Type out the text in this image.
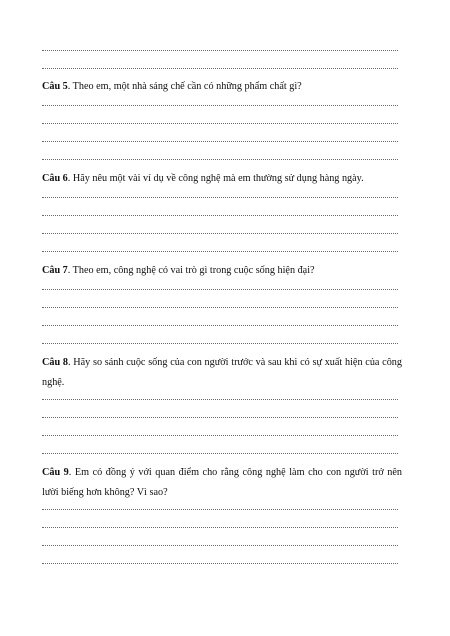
Câu 5. Theo em, một nhà sáng chế cần có những phẩm chất gì?
Câu 6. Hãy nêu một vài ví dụ về công nghệ mà em thường sử dụng hàng ngày.
Câu 7. Theo em, công nghệ có vai trò gì trong cuộc sống hiện đại?
Câu 8. Hãy so sánh cuộc sống của con người trước và sau khi có sự xuất hiện của công nghệ.
Câu 9. Em có đồng ý với quan điểm cho rằng công nghệ làm cho con người trở nên lười biếng hơn không? Vì sao?
